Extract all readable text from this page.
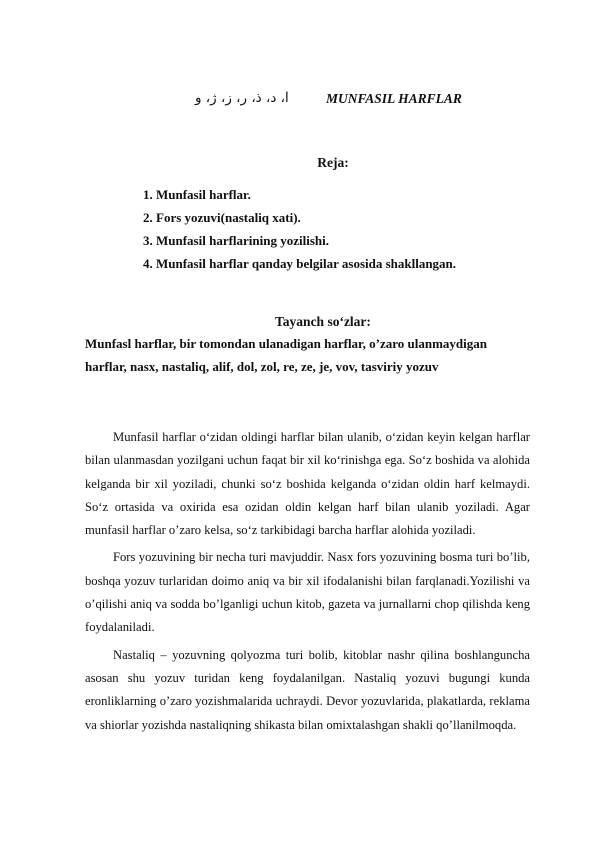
ا، د، ذ، ر، ز، ژ، و	MUNFASIL HARFLAR
Reja:
1. Munfasil harflar.
2. Fors yozuvi(nastaliq xati).
3. Munfasil harflarining yozilishi.
4. Munfasil harflar qanday belgilar asosida shakllangan.
Tayanch so‘zlar:
Munfasl harflar, bir tomondan ulanadigan harflar, o’zaro ulanmaydigan harflar, nasx, nastaliq, alif, dol, zol, re, ze, je, vov, tasviriy yozuv

Munfasil harflar o‘zidan oldingi harflar bilan ulanib, o‘zidan keyin kelgan harflar bilan ulanmasdan yozilgani uchun faqat bir xil ko‘rinishga ega. So‘z boshida va alohida kelganda bir xil yoziladi, chunki so‘z boshida kelganda o‘zidan oldin harf kelmaydi. So‘z ortasida va oxirida esa ozidan oldin kelgan harf bilan ulanib yoziladi. Agar munfasil harflar o’zaro kelsa, so‘z tarkibidagi barcha harflar alohida yoziladi.

Fors yozuvining bir necha turi mavjuddir. Nasx fors yozuvining bosma turi bo’lib, boshqa yozuv turlaridan doimo aniq va bir xil ifodalanishi bilan farqlanadi.Yozilishi va o’qilishi aniq va sodda bo’lganligi uchun kitob, gazeta va jurnallarni chop qilishda keng foydalaniladi.

Nastaliq – yozuvning qolyozma turi bolib, kitoblar nashr qilina boshlanguncha asosan shu yozuv turidan keng foydalanilgan. Nastaliq yozuvi bugungi kunda eronliklarning o’zaro yozishmalarida uchraydi. Devor yozuvlarida, plakatlarda, reklama va shiorlar yozishda nastaliqning shikasta bilan omixtalashgan shakli qo’llanilmoqda.
